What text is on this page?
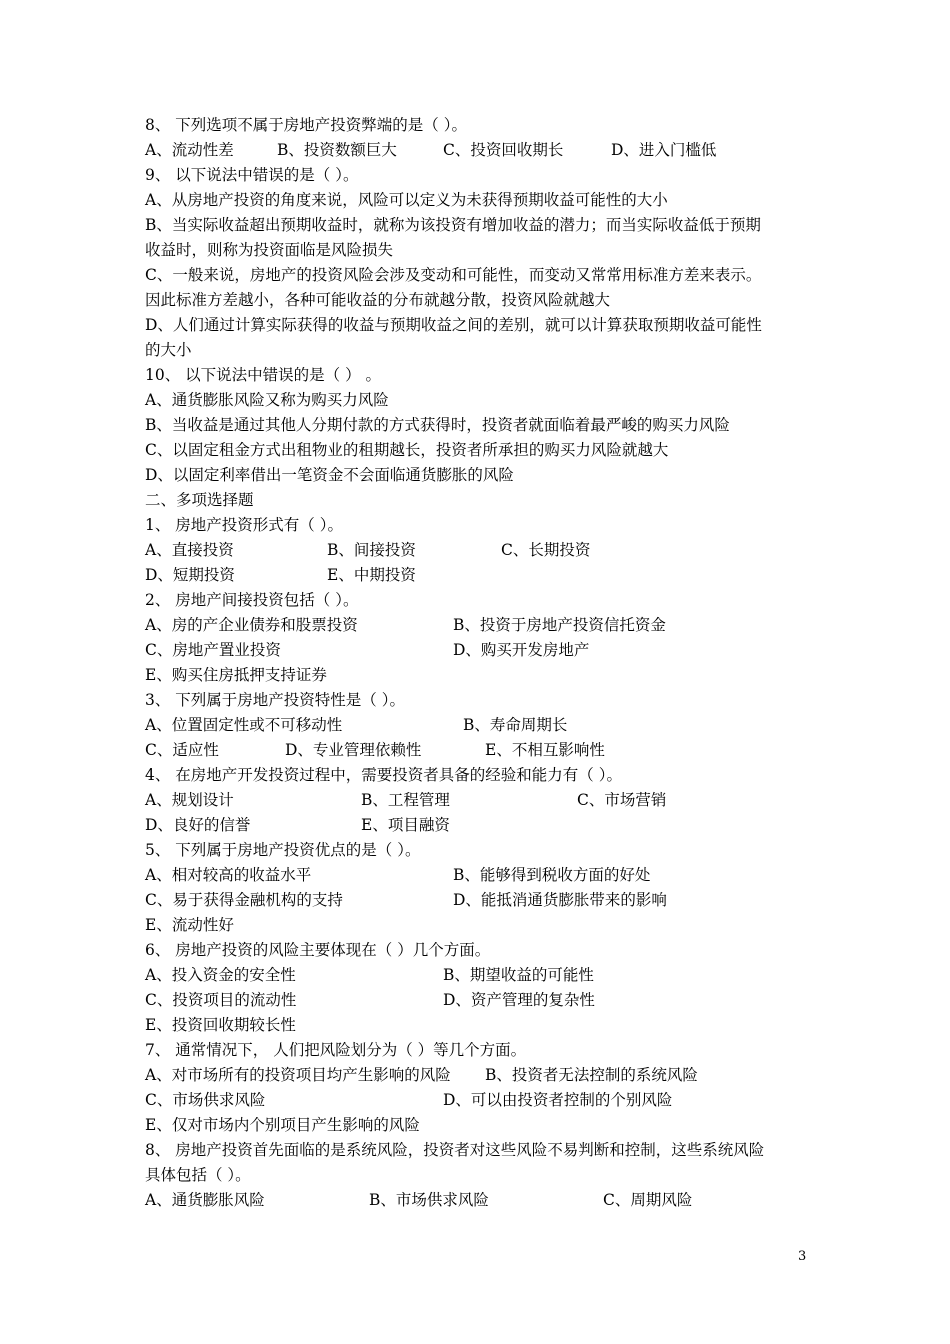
8、 下列选项不属于房地产投资弊端的是（ ）。
A、流动性差	B、投资数额巨大	C、投资回收期长	D、进入门槛低
9、 以下说法中错误的是（ ）。
A、从房地产投资的角度来说，风险可以定义为未获得预期收益可能性的大小
B、当实际收益超出预期收益时，就称为该投资有增加收益的潜力；而当实际收益低于预期
收益时，则称为投资面临是风险损失
C、一般来说，房地产的投资风险会涉及变动和可能性，而变动又常常用标准方差来表示。
因此标准方差越小，各种可能收益的分布就越分散，投资风险就越大
D、人们通过计算实际获得的收益与预期收益之间的差别，就可以计算获取预期收益可能性
的大小
10、 以下说法中错误的是（ ） 。
A、通货膨胀风险又称为购买力风险
B、当收益是通过其他人分期付款的方式获得时，投资者就面临着最严峻的购买力风险
C、以固定租金方式出租物业的租期越长，投资者所承担的购买力风险就越大
D、以固定利率借出一笔资金不会面临通货膨胀的风险
二、多项选择题
1、 房地产投资形式有（ ）。
A、直接投资	B、间接投资	C、长期投资
D、短期投资	E、中期投资
2、 房地产间接投资包括（ ）。
A、房的产企业债券和股票投资	B、投资于房地产投资信托资金
C、房地产置业投资	D、购买开发房地产
E、购买住房抵押支持证券
3、 下列属于房地产投资特性是（ ）。
A、位置固定性或不可移动性	B、寿命周期长
C、适应性	D、专业管理依赖性	E、不相互影响性
4、 在房地产开发投资过程中，需要投资者具备的经验和能力有（ ）。
A、规划设计	B、工程管理	C、市场营销
D、良好的信誉	E、项目融资
5、 下列属于房地产投资优点的是（ ）。
A、相对较高的收益水平	B、能够得到税收方面的好处
C、易于获得金融机构的支持	D、能抵消通货膨胀带来的影响
E、流动性好
6、 房地产投资的风险主要体现在（ ）几个方面。
A、投入资金的安全性	B、期望收益的可能性
C、投资项目的流动性	D、资产管理的复杂性
E、投资回收期较长性
7、 通常情况下， 人们把风险划分为（ ）等几个方面。
A、对市场所有的投资项目均产生影响的风险 B、投资者无法控制的系统风险
C、市场供求风险	D、可以由投资者控制的个别风险
E、仅对市场内个别项目产生影响的风险
8、 房地产投资首先面临的是系统风险，投资者对这些风险不易判断和控制，这些系统风险
具体包括（ ）。
A、通货膨胀风险	B、市场供求风险	C、周期风险
3
